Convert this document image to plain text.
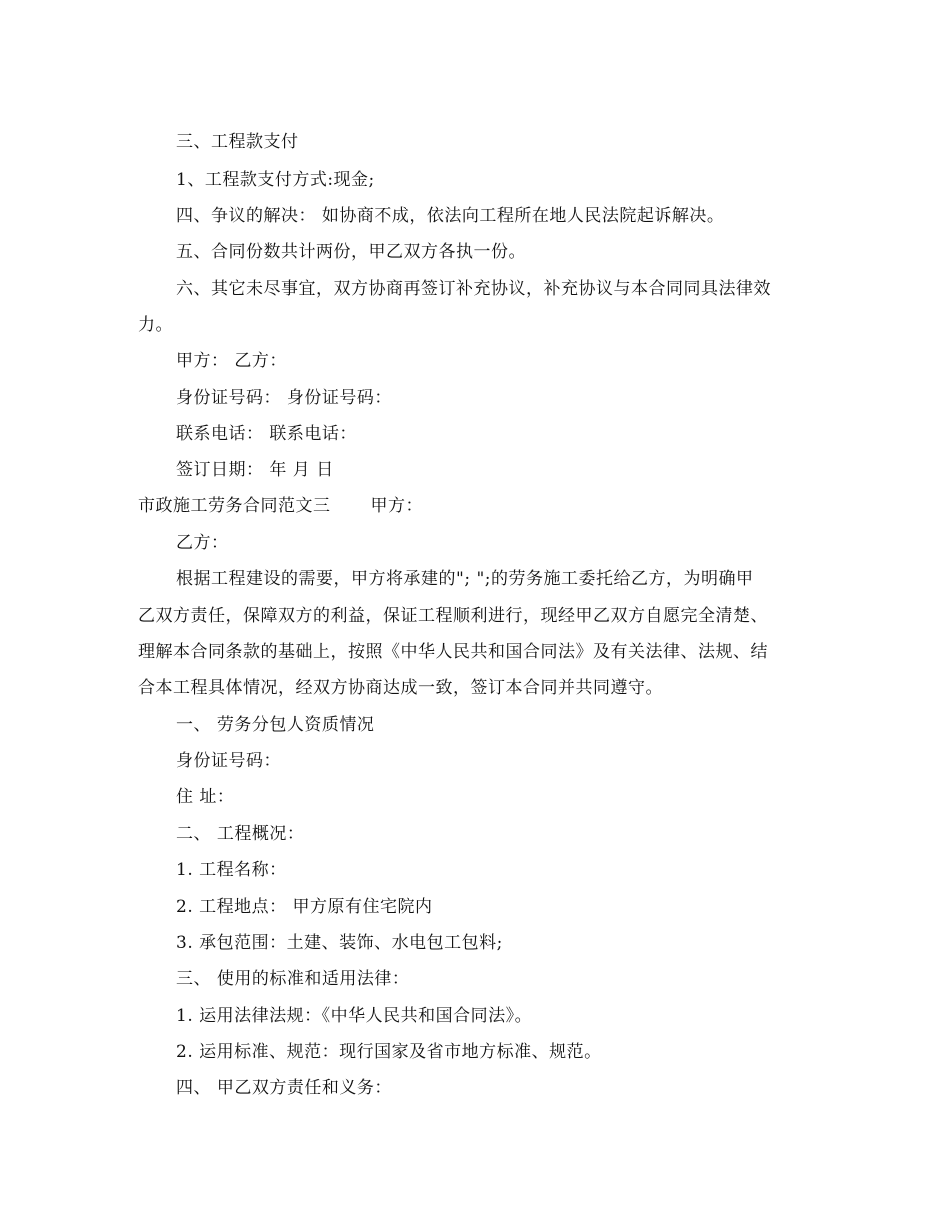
三、工程款支付
1、工程款支付方式:现金;
四、争议的解决： 如协商不成，依法向工程所在地人民法院起诉解决。
五、合同份数共计两份，甲乙双方各执一份。
六、其它未尽事宜，双方协商再签订补充协议，补充协议与本合同同具法律效
力。
甲方： 乙方：
身份证号码： 身份证号码：
联系电话： 联系电话：
签订日期： 年 月 日
市政施工劳务合同范文三 甲方：
乙方：
根据工程建设的需要，甲方将承建的"; ";的劳务施工委托给乙方，为明确甲
乙双方责任，保障双方的利益，保证工程顺利进行，现经甲乙双方自愿完全清楚、
理解本合同条款的基础上，按照《中华人民共和国合同法》及有关法律、法规、结
合本工程具体情况，经双方协商达成一致，签订本合同并共同遵守。
一、 劳务分包人资质情况
身份证号码：
住 址：
二、 工程概况：
1. 工程名称：
2. 工程地点： 甲方原有住宅院内
3. 承包范围：土建、装饰、水电包工包料;
三、 使用的标准和适用法律：
1. 运用法律法规：《中华人民共和国合同法》。
2. 运用标准、规范：现行国家及省市地方标准、规范。
四、 甲乙双方责任和义务：
